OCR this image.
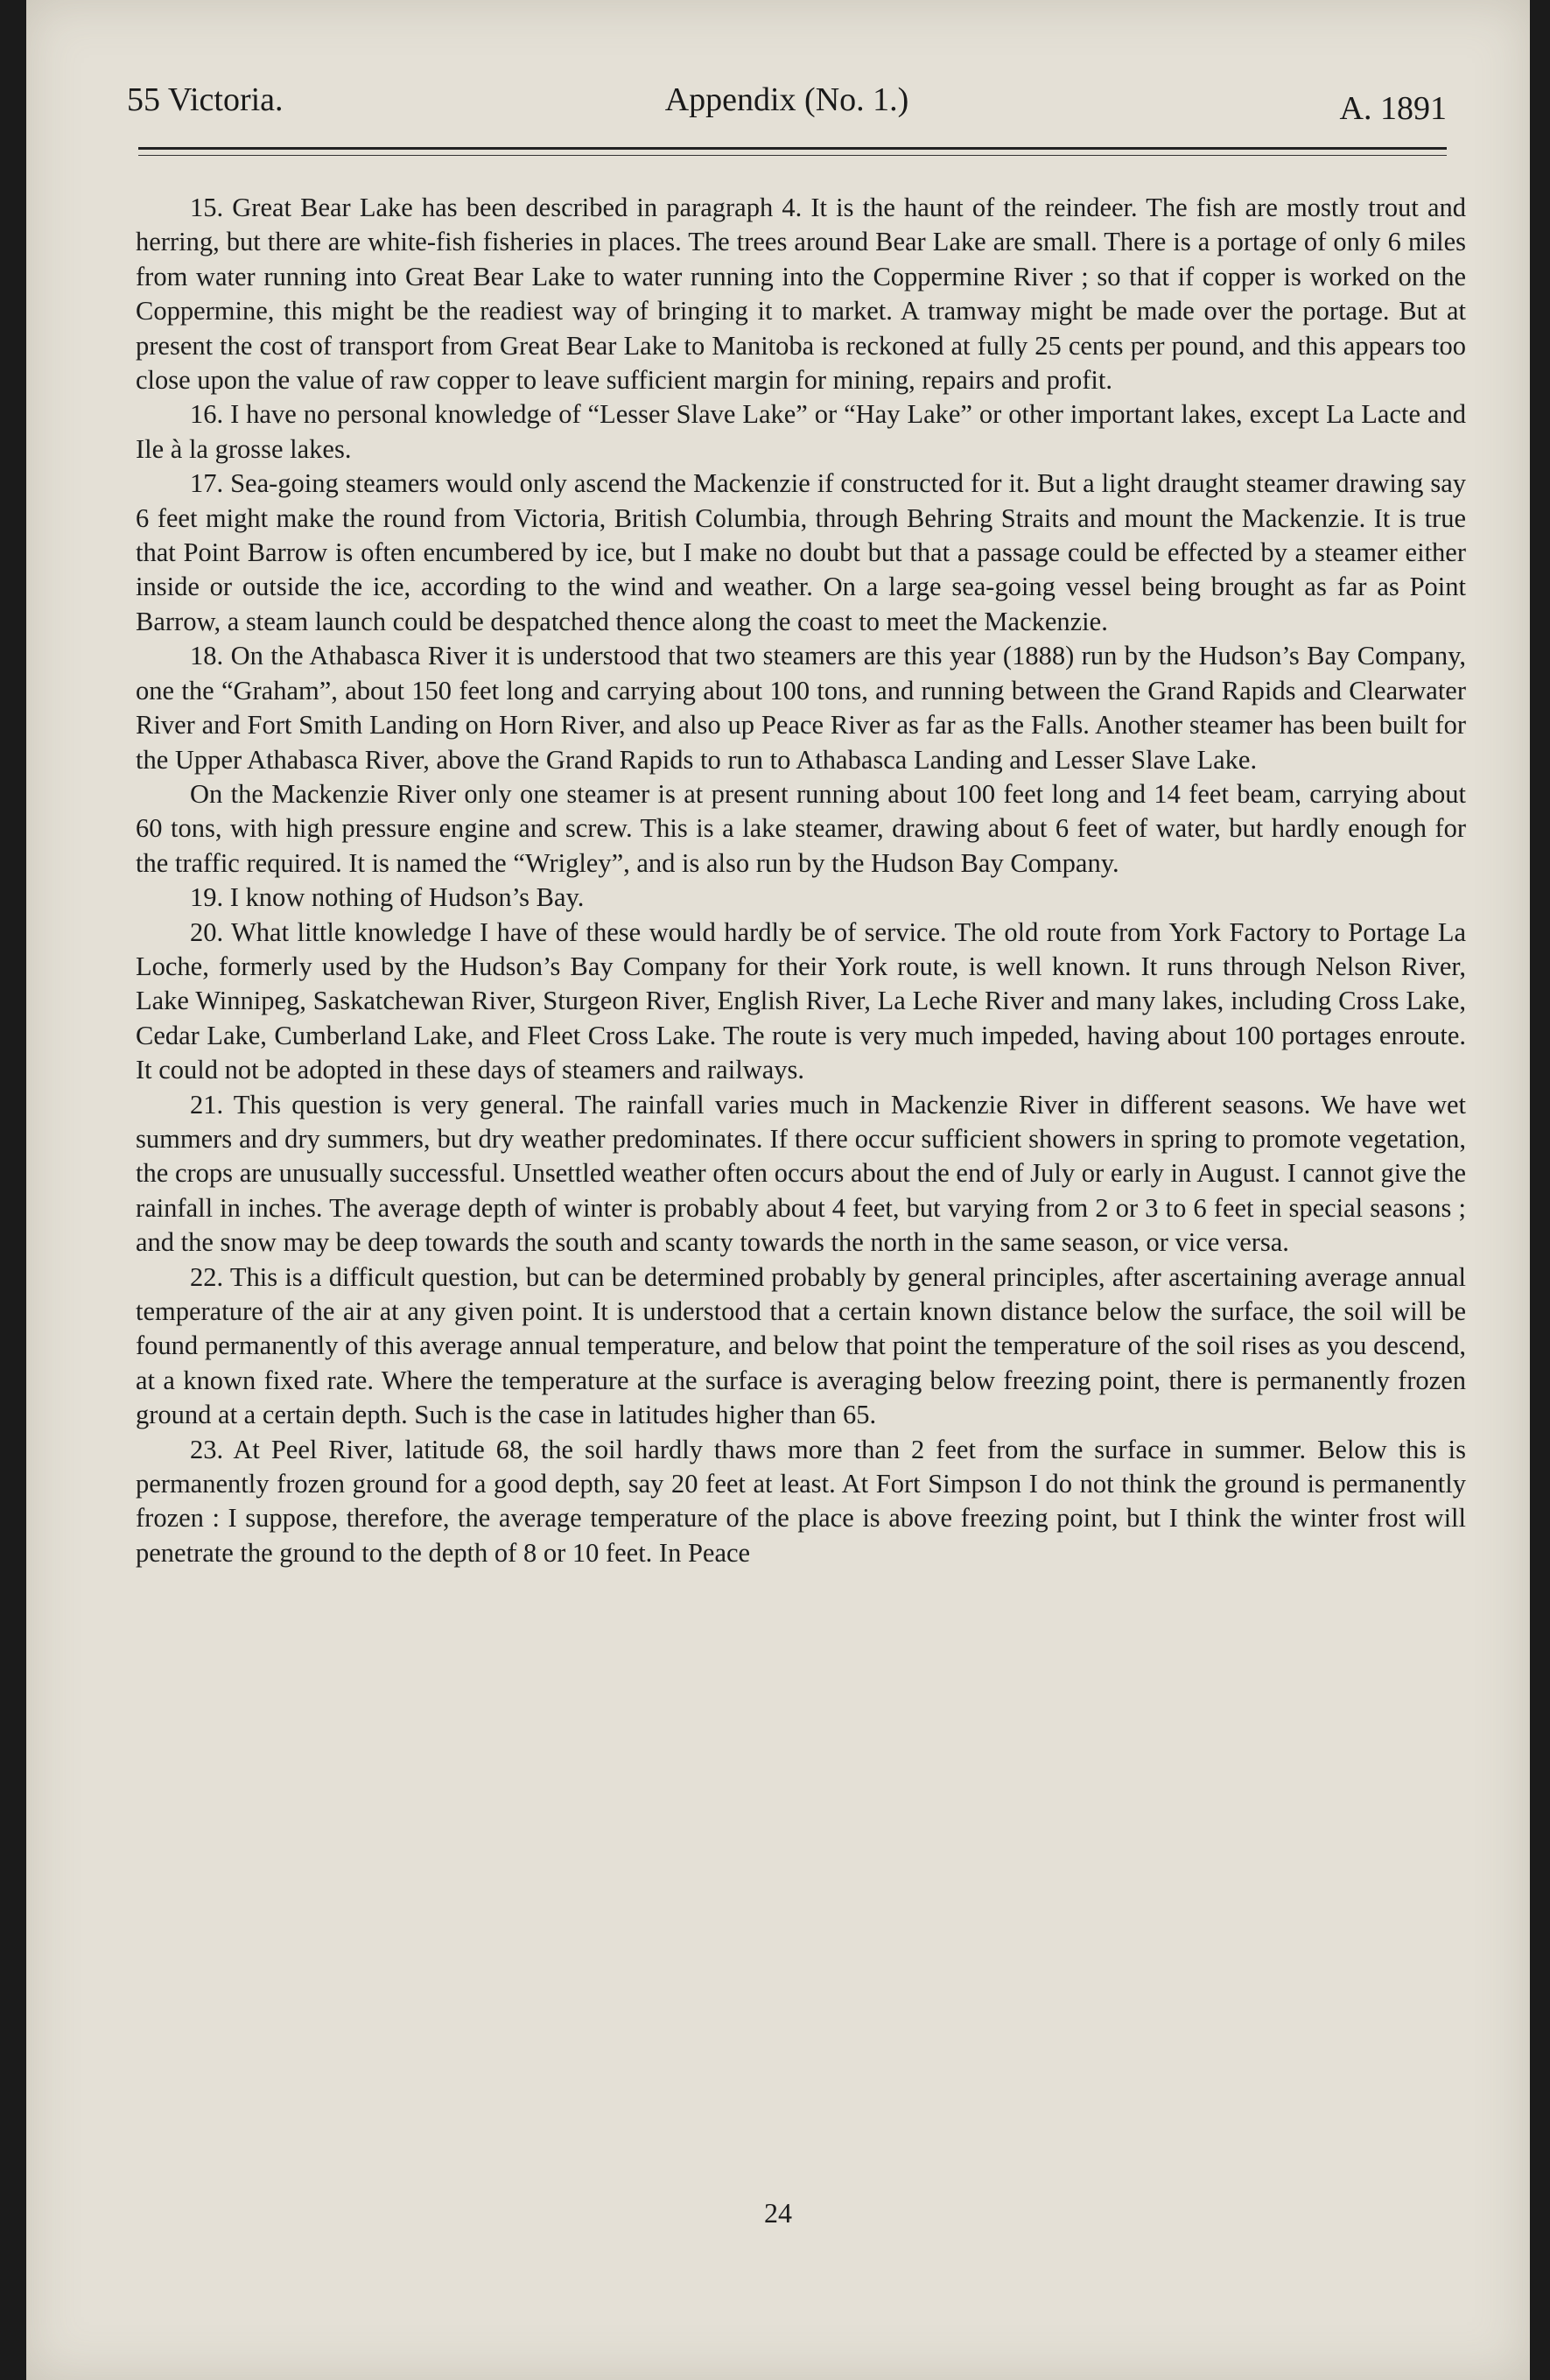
55 Victoria.	Appendix (No. 1.)	A. 1891

15. Great Bear Lake has been described in paragraph 4. It is the haunt of the reindeer. The fish are mostly trout and herring, but there are white-fish fisheries in places. The trees around Bear Lake are small. There is a portage of only 6 miles from water running into Great Bear Lake to water running into the Coppermine River ; so that if copper is worked on the Coppermine, this might be the readiest way of bringing it to market. A tramway might be made over the portage. But at present the cost of transport from Great Bear Lake to Manitoba is reckoned at fully 25 cents per pound, and this appears too close upon the value of raw copper to leave sufficient margin for mining, repairs and profit.

16. I have no personal knowledge of “Lesser Slave Lake” or “Hay Lake” or other important lakes, except La Lacte and Ile à la grosse lakes.

17. Sea-going steamers would only ascend the Mackenzie if constructed for it. But a light draught steamer drawing say 6 feet might make the round from Victoria, British Columbia, through Behring Straits and mount the Mackenzie. It is true that Point Barrow is often encumbered by ice, but I make no doubt but that a passage could be effected by a steamer either inside or outside the ice, according to the wind and weather. On a large sea-going vessel being brought as far as Point Barrow, a steam launch could be despatched thence along the coast to meet the Mackenzie.

18. On the Athabasca River it is understood that two steamers are this year (1888) run by the Hudson’s Bay Company, one the “Graham”, about 150 feet long and carrying about 100 tons, and running between the Grand Rapids and Clearwater River and Fort Smith Landing on Horn River, and also up Peace River as far as the Falls. Another steamer has been built for the Upper Athabasca River, above the Grand Rapids to run to Athabasca Landing and Lesser Slave Lake.

On the Mackenzie River only one steamer is at present running about 100 feet long and 14 feet beam, carrying about 60 tons, with high pressure engine and screw. This is a lake steamer, drawing about 6 feet of water, but hardly enough for the traffic required. It is named the “Wrigley”, and is also run by the Hudson Bay Company.

19. I know nothing of Hudson’s Bay.

20. What little knowledge I have of these would hardly be of service. The old route from York Factory to Portage La Loche, formerly used by the Hudson’s Bay Company for their York route, is well known. It runs through Nelson River, Lake Winnipeg, Saskatchewan River, Sturgeon River, English River, La Leche River and many lakes, including Cross Lake, Cedar Lake, Cumberland Lake, and Fleet Cross Lake. The route is very much impeded, having about 100 portages enroute. It could not be adopted in these days of steamers and railways.

21. This question is very general. The rainfall varies much in Mackenzie River in different seasons. We have wet summers and dry summers, but dry weather predominates. If there occur sufficient showers in spring to promote vegetation, the crops are unusually successful. Unsettled weather often occurs about the end of July or early in August. I cannot give the rainfall in inches. The average depth of winter is probably about 4 feet, but varying from 2 or 3 to 6 feet in special seasons ; and the snow may be deep towards the south and scanty towards the north in the same season, or vice versa.

22. This is a difficult question, but can be determined probably by general principles, after ascertaining average annual temperature of the air at any given point. It is understood that a certain known distance below the surface, the soil will be found permanently of this average annual temperature, and below that point the temperature of the soil rises as you descend, at a known fixed rate. Where the temperature at the surface is averaging below freezing point, there is permanently frozen ground at a certain depth. Such is the case in latitudes higher than 65.

23. At Peel River, latitude 68, the soil hardly thaws more than 2 feet from the surface in summer. Below this is permanently frozen ground for a good depth, say 20 feet at least. At Fort Simpson I do not think the ground is permanently frozen : I suppose, therefore, the average temperature of the place is above freezing point, but I think the winter frost will penetrate the ground to the depth of 8 or 10 feet. In Peace

24
